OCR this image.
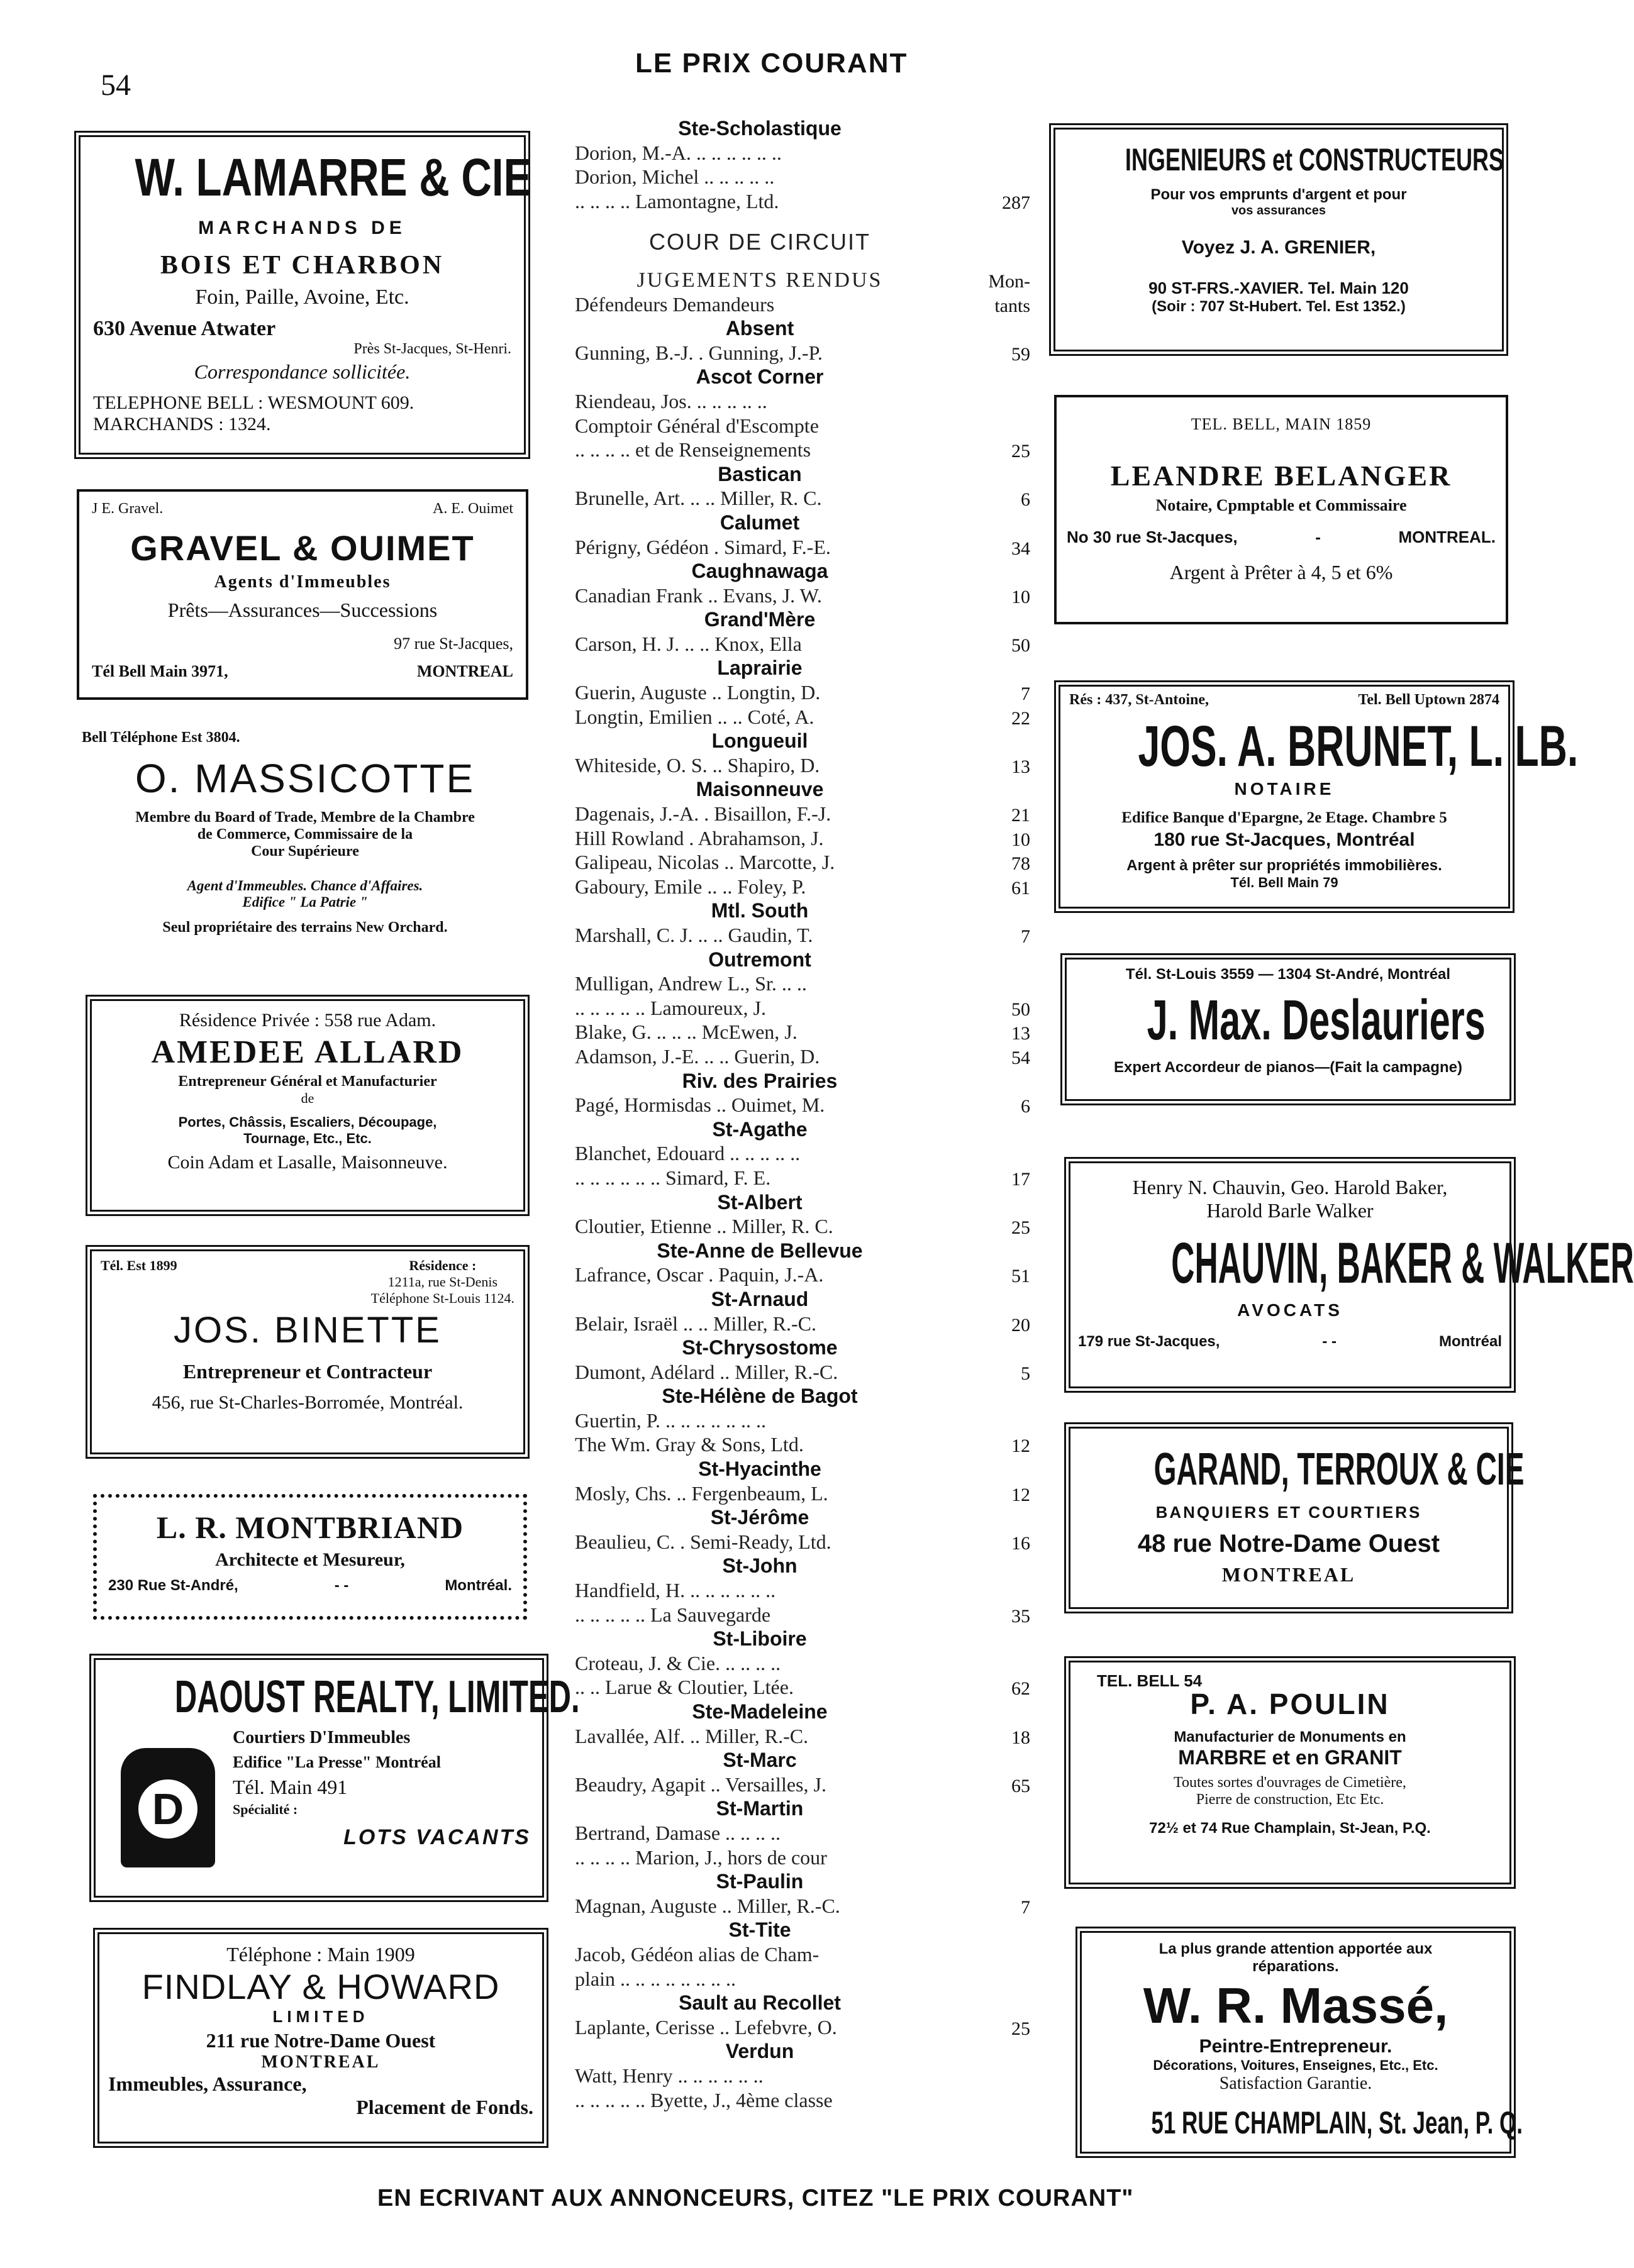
54
LE PRIX COURANT
W. LAMARRE & CIE
MARCHANDS DE
BOIS ET CHARBON
Foin, Paille, Avoine, Etc.
630 Avenue Atwater
Près St-Jacques, St-Henri.
Correspondance sollicitée.
TELEPHONE BELL : WESMOUNT 609.
MARCHANDS : 1324.
J E. Gravel.	A. E. Ouimet
GRAVEL & OUIMET
Agents d'Immeubles
Prêts—Assurances—Successions
97 rue St-Jacques,
Tél Bell Main 3971,	MONTREAL
Bell Téléphone Est 3804.
O. MASSICOTTE
Membre du Board of Trade, Membre de la Chambre
de Commerce, Commissaire de la
Cour Supérieure
Agent d'Immeubles. Chance d'Affaires.
Edifice " La Patrie "
Seul propriétaire des terrains New Orchard.
Résidence Privée : 558 rue Adam.
AMEDEE ALLARD
Entrepreneur Général et Manufacturier
de
Portes, Châssis, Escaliers, Découpage,
Tournage, Etc., Etc.
Coin Adam et Lasalle, Maisonneuve.
Tél. Est 1899	Résidence :
1211a, rue St-Denis
Téléphone St-Louis 1124.
JOS. BINETTE
Entrepreneur et Contracteur
456, rue St-Charles-Borromée, Montréal.
L. R. MONTBRIAND
Architecte et Mesureur,
230 Rue St-André,	- -	Montréal.
DAOUST REALTY, LIMITED.
D
Courtiers D'Immeubles
Edifice "La Presse" Montréal
Tél. Main 491
Spécialité :
LOTS VACANTS
Téléphone : Main 1909
FINDLAY & HOWARD
LIMITED
211 rue Notre-Dame Ouest
MONTREAL
Immeubles, Assurance,
Placement de Fonds.
Ste-Scholastique
Dorion, M.-A. .. .. .. .. .. ..
Dorion, Michel .. .. .. .. ..
.. .. .. .. Lamontagne, Ltd.	287
COUR DE CIRCUIT
JUGEMENTS RENDUS	Mon-
Défendeurs Demandeurs	tants
Absent
Gunning, B.-J. . Gunning, J.-P.	59
Ascot Corner
Riendeau, Jos. .. .. .. .. ..
Comptoir Général d'Escompte
.. .. .. .. et de Renseignements	25
Bastican
Brunelle, Art. .. .. Miller, R. C.	6
Calumet
Périgny, Gédéon . Simard, F.-E.	34
Caughnawaga
Canadian Frank .. Evans, J. W.	10
Grand'Mère
Carson, H. J. .. .. Knox, Ella	50
Laprairie
Guerin, Auguste .. Longtin, D.	7
Longtin, Emilien .. .. Coté, A.	22
Longueuil
Whiteside, O. S. .. Shapiro, D.	13
Maisonneuve
Dagenais, J.-A. . Bisaillon, F.-J.	21
Hill Rowland . Abrahamson, J.	10
Galipeau, Nicolas .. Marcotte, J.	78
Gaboury, Emile .. .. Foley, P.	61
Mtl. South
Marshall, C. J. .. .. Gaudin, T.	7
Outremont
Mulligan, Andrew L., Sr. .. ..
.. .. .. .. .. Lamoureux, J.	50
Blake, G. .. .. .. McEwen, J.	13
Adamson, J.-E. .. .. Guerin, D.	54
Riv. des Prairies
Pagé, Hormisdas .. Ouimet, M.	6
St-Agathe
Blanchet, Edouard .. .. .. .. ..
.. .. .. .. .. .. Simard, F. E.	17
St-Albert
Cloutier, Etienne .. Miller, R. C.	25
Ste-Anne de Bellevue
Lafrance, Oscar . Paquin, J.-A.	51
St-Arnaud
Belair, Israël .. .. Miller, R.-C.	20
St-Chrysostome
Dumont, Adélard .. Miller, R.-C.	5
Ste-Hélène de Bagot
Guertin, P. .. .. .. .. .. .. ..
The Wm. Gray & Sons, Ltd.	12
St-Hyacinthe
Mosly, Chs. .. Fergenbeaum, L.	12
St-Jérôme
Beaulieu, C. . Semi-Ready, Ltd.	16
St-John
Handfield, H. .. .. .. .. .. ..
.. .. .. .. .. La Sauvegarde	35
St-Liboire
Croteau, J. & Cie. .. .. .. ..
.. .. Larue & Cloutier, Ltée.	62
Ste-Madeleine
Lavallée, Alf. .. Miller, R.-C.	18
St-Marc
Beaudry, Agapit .. Versailles, J.	65
St-Martin
Bertrand, Damase .. .. .. ..
.. .. .. .. Marion, J., hors de cour
St-Paulin
Magnan, Auguste .. Miller, R.-C.	7
St-Tite
Jacob, Gédéon alias de Cham-
plain .. .. .. .. .. .. .. ..
Sault au Recollet
Laplante, Cerisse .. Lefebvre, O.	25
Verdun
Watt, Henry .. .. .. .. .. ..
.. .. .. .. .. Byette, J., 4ème classe
INGENIEURS et CONSTRUCTEURS
Pour vos emprunts d'argent et pour
vos assurances
Voyez J. A. GRENIER,
90 ST-FRS.-XAVIER. Tel. Main 120
(Soir : 707 St-Hubert. Tel. Est 1352.)
TEL. BELL, MAIN 1859
LEANDRE BELANGER
Notaire, Cpmptable et Commissaire
No 30 rue St-Jacques,	-	MONTREAL.
Argent à Prêter à 4, 5 et 6%
Rés : 437, St-Antoine,	Tel. Bell Uptown 2874
JOS. A. BRUNET, L. LB.
NOTAIRE
Edifice Banque d'Epargne, 2e Etage. Chambre 5
180 rue St-Jacques, Montréal
Argent à prêter sur propriétés immobilières.
Tél. Bell Main 79
Tél. St-Louis 3559 — 1304 St-André, Montréal
J. Max. Deslauriers
Expert Accordeur de pianos—(Fait la campagne)
Henry N. Chauvin, Geo. Harold Baker,
Harold Barle Walker
CHAUVIN, BAKER & WALKER
AVOCATS
179 rue St-Jacques,	- -	Montréal
GARAND, TERROUX & CIE
BANQUIERS ET COURTIERS
48 rue Notre-Dame Ouest
MONTREAL
TEL. BELL 54
P. A. POULIN
Manufacturier de Monuments en
MARBRE et en GRANIT
Toutes sortes d'ouvrages de Cimetière,
Pierre de construction, Etc Etc.
72½ et 74 Rue Champlain, St-Jean, P.Q.
La plus grande attention apportée aux
réparations.
W. R. Massé,
Peintre-Entrepreneur.
Décorations, Voitures, Enseignes, Etc., Etc.
Satisfaction Garantie.
51 RUE CHAMPLAIN, St. Jean, P. Q.
EN ECRIVANT AUX ANNONCEURS, CITEZ "LE PRIX COURANT"
